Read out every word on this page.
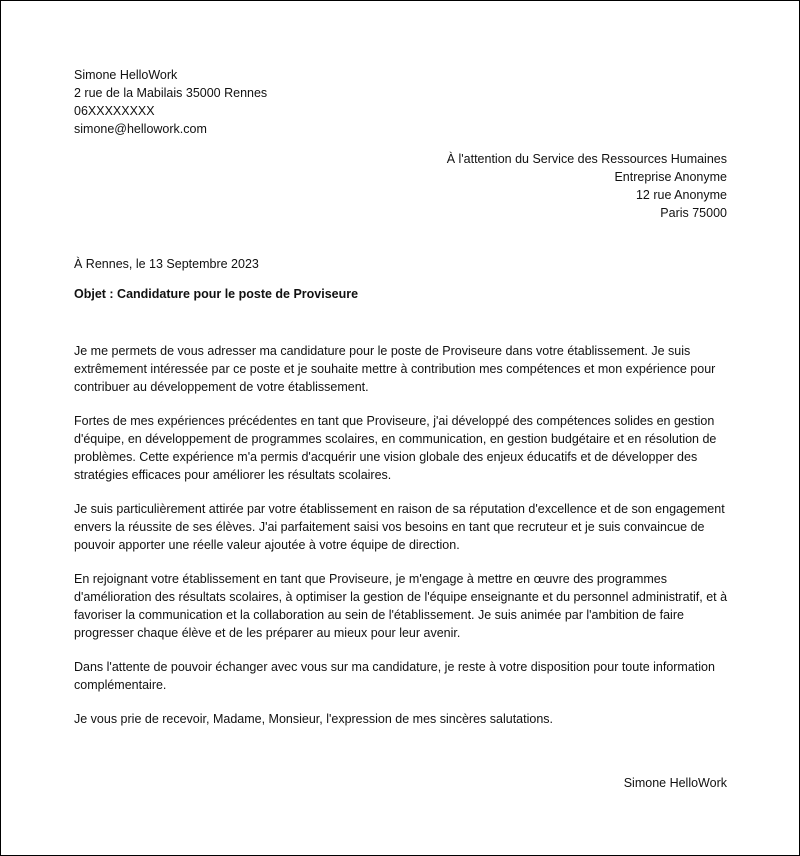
Simone HelloWork
2 rue de la Mabilais 35000 Rennes
06XXXXXXXX
simone@hellowork.com
À l'attention du Service des Ressources Humaines
Entreprise Anonyme
12 rue Anonyme
Paris 75000
À Rennes, le 13 Septembre 2023
Objet : Candidature pour le poste de Proviseure

Je me permets de vous adresser ma candidature pour le poste de Proviseure dans votre établissement. Je suis extrêmement intéressée par ce poste et je souhaite mettre à contribution mes compétences et mon expérience pour contribuer au développement de votre établissement.

Fortes de mes expériences précédentes en tant que Proviseure, j'ai développé des compétences solides en gestion d'équipe, en développement de programmes scolaires, en communication, en gestion budgétaire et en résolution de problèmes. Cette expérience m'a permis d'acquérir une vision globale des enjeux éducatifs et de développer des stratégies efficaces pour améliorer les résultats scolaires.

Je suis particulièrement attirée par votre établissement en raison de sa réputation d'excellence et de son engagement envers la réussite de ses élèves. J'ai parfaitement saisi vos besoins en tant que recruteur et je suis convaincue de pouvoir apporter une réelle valeur ajoutée à votre équipe de direction.

En rejoignant votre établissement en tant que Proviseure, je m'engage à mettre en œuvre des programmes d'amélioration des résultats scolaires, à optimiser la gestion de l'équipe enseignante et du personnel administratif, et à favoriser la communication et la collaboration au sein de l'établissement. Je suis animée par l'ambition de faire progresser chaque élève et de les préparer au mieux pour leur avenir.

Dans l'attente de pouvoir échanger avec vous sur ma candidature, je reste à votre disposition pour toute information complémentaire.

Je vous prie de recevoir, Madame, Monsieur, l'expression de mes sincères salutations.

Simone HelloWork
